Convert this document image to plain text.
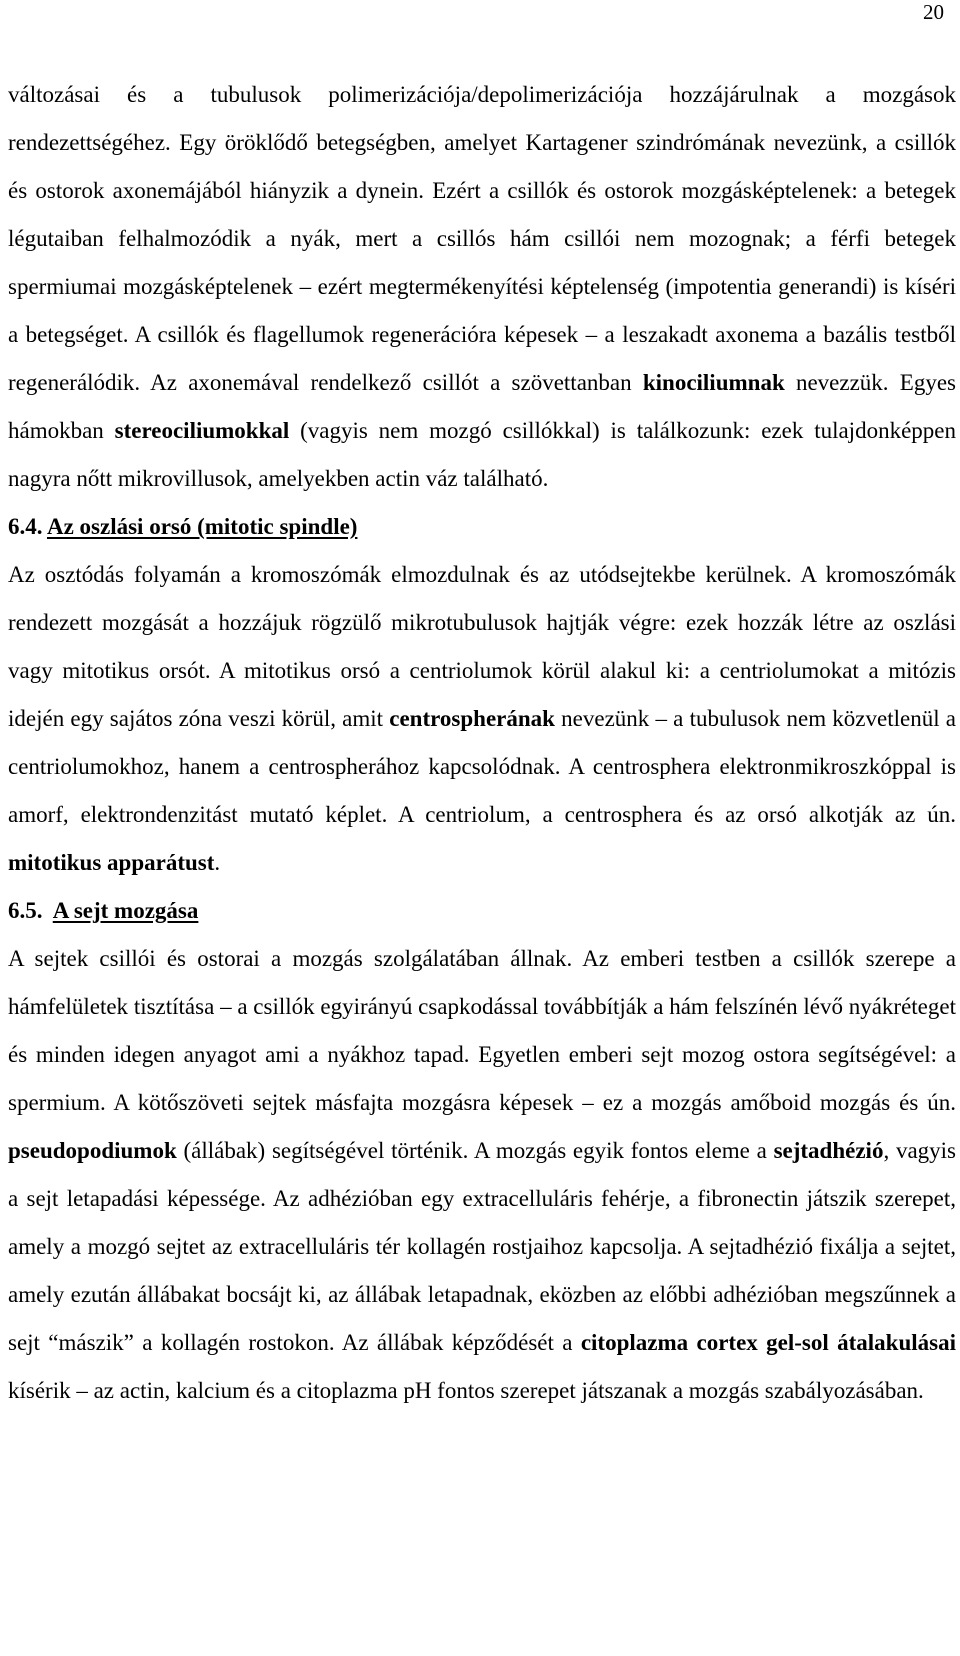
20

változásai és a tubulusok polimerizációja/depolimerizációja hozzájárulnak a mozgások rendezettségéhez. Egy öröklődő betegségben, amelyet Kartagener szindrómának nevezünk, a csillók és ostorok axonemájából hiányzik a dynein. Ezért a csillók és ostorok mozgásképtelenek: a betegek légutaiban felhalmozódik a nyák, mert a csillós hám csillói nem mozognak; a férfi betegek spermiumai mozgásképtelenek – ezért megtermékenyítési képtelenség (impotentia generandi) is kíséri a betegséget. A csillók és flagellumok regenerációra képesek – a leszakadt axonema a bazális testből regenerálódik. Az axonemával rendelkező csillót a szövettanban kinociliumnak nevezzük. Egyes hámokban stereociliumokkal (vagyis nem mozgó csillókkal) is találkozunk: ezek tulajdonképpen nagyra nőtt mikrovillusok, amelyekben actin váz található.

6.4. Az oszlási orsó (mitotic spindle)

Az osztódás folyamán a kromoszómák elmozdulnak és az utódsejtekbe kerülnek. A kromoszómák rendezett mozgását a hozzájuk rögzülő mikrotubulusok hajtják végre: ezek hozzák létre az oszlási vagy mitotikus orsót. A mitotikus orsó a centriolumok körül alakul ki: a centriolumokat a mitózis idején egy sajátos zóna veszi körül, amit centrospherának nevezünk – a tubulusok nem közvetlenül a centriolumokhoz, hanem a centrospherához kapcsolódnak. A centrosphera elektronmikroszkóppal is amorf, elektrondenzitást mutató képlet. A centriolum, a centrosphera és az orsó alkotják az ún. mitotikus apparátust.

6.5. A sejt mozgása

A sejtek csillói és ostorai a mozgás szolgálatában állnak. Az emberi testben a csillók szerepe a hámfelületek tisztítása – a csillók egyirányú csapkodással továbbítják a hám felszínén lévő nyákréteget és minden idegen anyagot ami a nyákhoz tapad. Egyetlen emberi sejt mozog ostora segítségével: a spermium. A kötőszöveti sejtek másfajta mozgásra képesek – ez a mozgás amőboid mozgás és ún. pseudopodiumok (állábak) segítségével történik. A mozgás egyik fontos eleme a sejtadhézió, vagyis a sejt letapadási képessége. Az adhézióban egy extracelluláris fehérje, a fibronectin játszik szerepet, amely a mozgó sejtet az extracelluláris tér kollagén rostjaihoz kapcsolja. A sejtadhézió fixálja a sejtet, amely ezután állábakat bocsájt ki, az állábak letapadnak, eközben az előbbi adhézióban megszűnnek a sejt “mászik” a kollagén rostokon. Az állábak képződését a citoplazma cortex gel-sol átalakulásai kísérik – az actin, kalcium és a citoplazma pH fontos szerepet játszanak a mozgás szabályozásában.
